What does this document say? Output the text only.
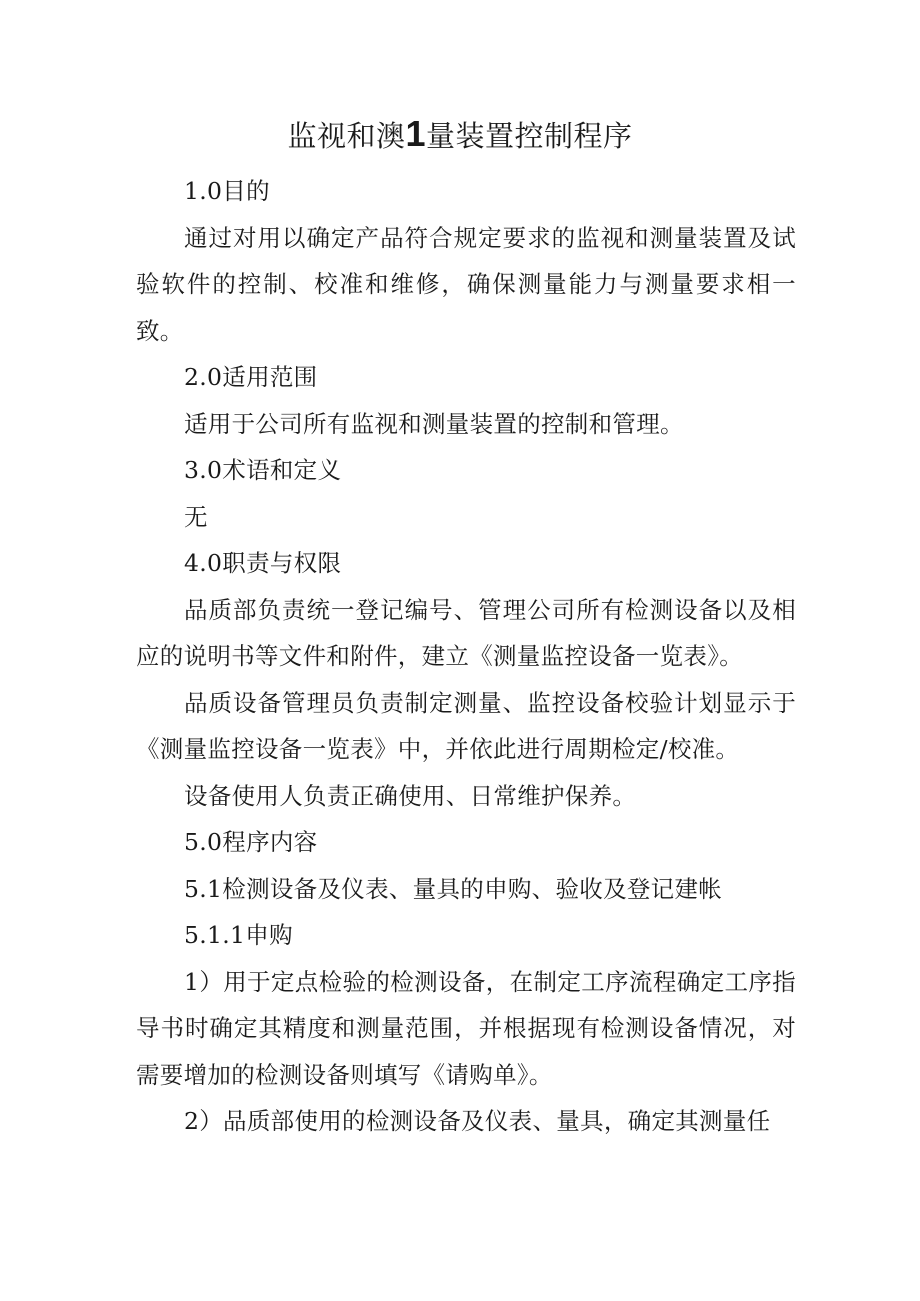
监视和澳1量装置控制程序

1.0目的

通过对用以确定产品符合规定要求的监视和测量装置及试验软件的控制、校准和维修，确保测量能力与测量要求相一致。

2.0适用范围

适用于公司所有监视和测量装置的控制和管理。

3.0术语和定义

无

4.0职责与权限

品质部负责统一登记编号、管理公司所有检测设备以及相应的说明书等文件和附件，建立《测量监控设备一览表》。

品质设备管理员负责制定测量、监控设备校验计划显示于《测量监控设备一览表》中，并依此进行周期检定/校准。

设备使用人负责正确使用、日常维护保养。

5.0程序内容

5.1检测设备及仪表、量具的申购、验收及登记建帐

5.1.1申购

1）用于定点检验的检测设备，在制定工序流程确定工序指导书时确定其精度和测量范围，并根据现有检测设备情况，对需要增加的检测设备则填写《请购单》。

2）品质部使用的检测设备及仪表、量具，确定其测量任
